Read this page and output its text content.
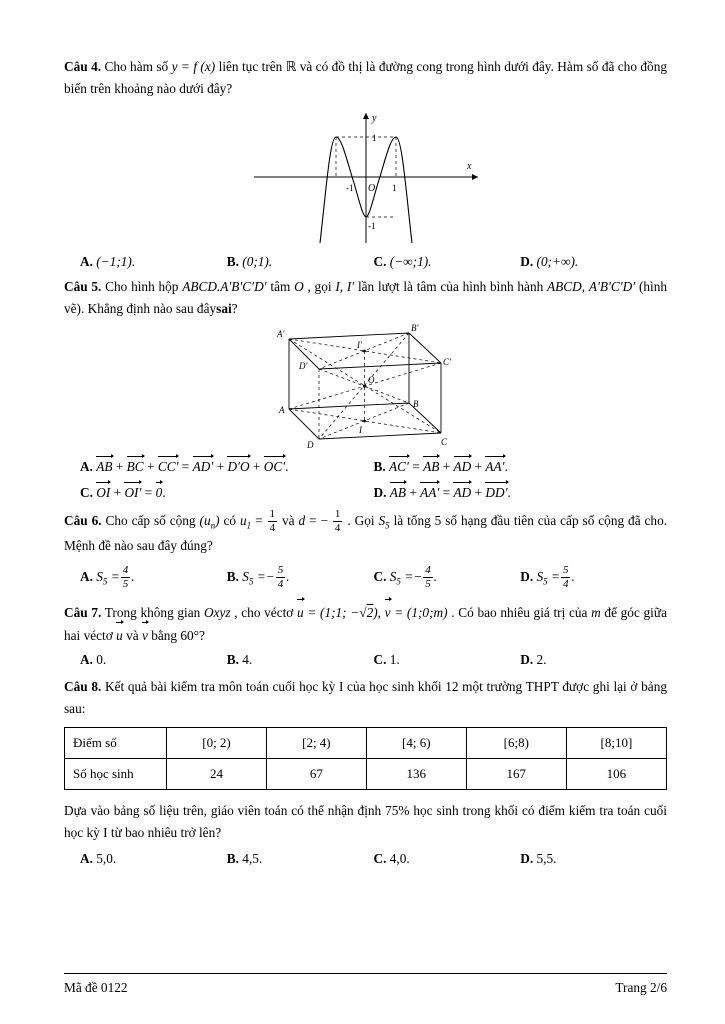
Câu 4. Cho hàm số y = f (x) liên tục trên ℝ và có đồ thị là đường cong trong hình dưới đây. Hàm số đã cho đồng biến trên khoảng nào dưới đây?
x
y
O
-1	1
1
-1
A. (−1;1).	B. (0;1).	C. (−∞;1).	D. (0;+∞).
Câu 5. Cho hình hộp ABCD.A′B′C′D′ tâm O , gọi I, I′ lần lượt là tâm của hình bình hành ABCD, A′B′C′D′ (hình vẽ). Khẳng định nào sau đâysai?
A′
B′
C′
D′
A
B
C
D
O
I′
I
A. AB + BC + CC′ = AD′ + D′O + OC′.	B. AC′ = AB + AD + AA′.
C. OI + OI′ = 0.	D. AB + AA′ = AD + DD′.
Câu 6. Cho cấp số cộng $(u_n)$ có $u_1 = \frac{1}{4}$ và d = − $\frac{1}{4}$ . Gọi $S_5$ là tổng 5 số hạng đầu tiên của cấp số cộng đã cho. Mệnh đề nào sau đây đúng?
A. $S_5 = \frac{4}{5}$ .	B. $S_5 =- \frac{5}{4}$ .	C. $S_5 =- \frac{4}{5}$ .	D. $S_5 = \frac{5}{4}$ .
Câu 7. Trong không gian Oxyz , cho véctơ u = (1;1; −√2), v = (1;0;m) . Có bao nhiêu giá trị của m để góc giữa hai véctơ u và v bằng 60°?
A. 0.	B. 4.	C. 1.	D. 2.
Câu 8. Kết quả bài kiểm tra môn toán cuối học kỳ I của học sinh khối 12 một trường THPT được ghi lại ở bảng sau:
Điểm số	[0; 2)	[2; 4)	[4; 6)	[6;8)	[8;10]
Số học sinh	24	67	136	167	106
Dựa vào bảng số liệu trên, giáo viên toán có thể nhận định 75% học sinh trong khối có điểm kiểm tra toán cuối học kỳ I từ bao nhiêu trở lên?
A. 5,0.	B. 4,5.	C. 4,0.	D. 5,5.
Mã đề 0122	Trang 2/6
